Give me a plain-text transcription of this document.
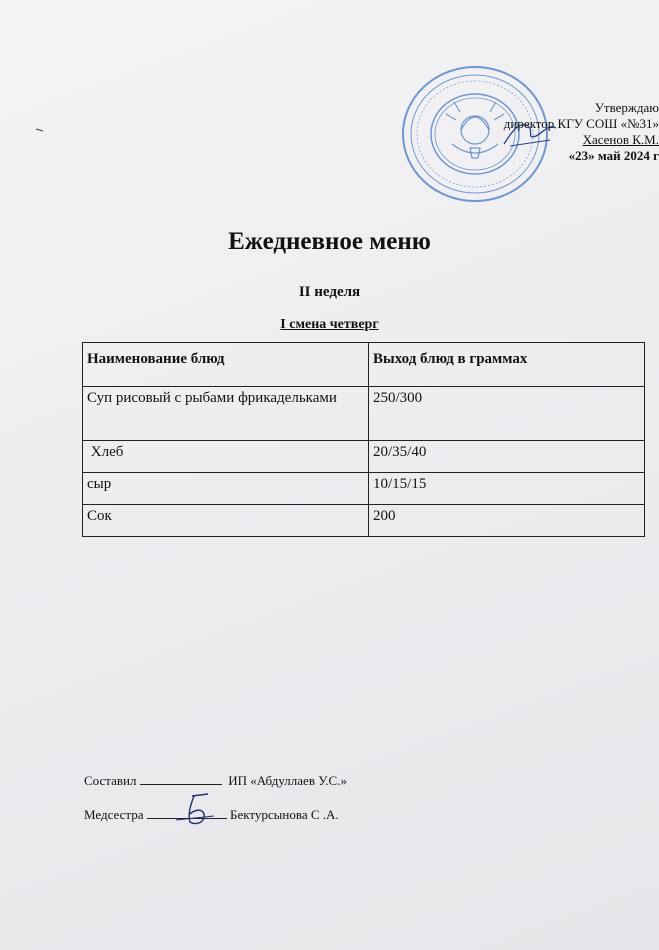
Утверждаю
директор КГУ СОШ «№31»
Хасенов К.М.
«23» май 2024 г
Ежедневное меню
II неделя
I смена четверг
Наименование блюд	Выход блюд в граммах
Суп рисовый с рыбами фрикадельками	250/300
Хлеб	20/35/40
сыр	10/15/15
Сок	200
Составил	ИП «Абдуллаев У.С.»
Медсестра	Бектурсынова С .А.
